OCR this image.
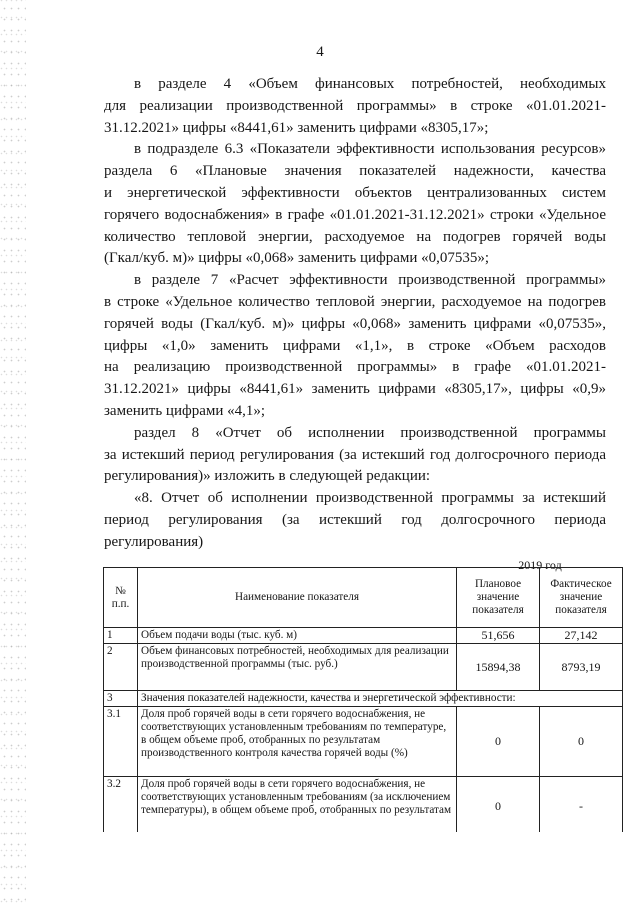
4

в разделе 4 «Объем финансовых потребностей, необходимых

для реализации производственной программы» в строке «01.01.2021-

31.12.2021» цифры «8441,61» заменить цифрами «8305,17»;

в подразделе 6.3 «Показатели эффективности использования ресурсов»

раздела 6 «Плановые значения показателей надежности, качества

и энергетической эффективности объектов централизованных систем

горячего водоснабжения» в графе «01.01.2021-31.12.2021» строки «Удельное

количество тепловой энергии, расходуемое на подогрев горячей воды

(Гкал/куб. м)» цифры «0,068» заменить цифрами «0,07535»;

в разделе 7 «Расчет эффективности производственной программы»

в строке «Удельное количество тепловой энергии, расходуемое на подогрев

горячей воды (Гкал/куб. м)» цифры «0,068» заменить цифрами «0,07535»,

цифры «1,0» заменить цифрами «1,1», в строке «Объем расходов

на реализацию производственной программы» в графе «01.01.2021-

31.12.2021» цифры «8441,61» заменить цифрами «8305,17», цифры «0,9»

заменить цифрами «4,1»;

раздел 8 «Отчет об исполнении производственной программы

за истекший период регулирования (за истекший год долгосрочного периода

регулирования)» изложить в следующей редакции:

«8. Отчет об исполнении производственной программы за истекший

период регулирования (за истекший год долгосрочного периода

регулирования)

2019 год
№ п.п.	Наименование показателя	Плановое значение показателя	Фактическое значение показателя
1	Объем подачи воды (тыс. куб. м)	51,656	27,142
2	Объем финансовых потребностей, необходимых для реализации производственной программы (тыс. руб.)	15894,38	8793,19
3	Значения показателей надежности, качества и энергетической эффективности:		
3.1	Доля проб горячей воды в сети горячего водоснабжения, не соответствующих установленным требованиям по температуре, в общем объеме проб, отобранных по результатам производственного контроля качества горячей воды (%)	0	0
3.2	Доля проб горячей воды в сети горячего водоснабжения, не соответствующих установленным требованиям (за исключением температуры), в общем объеме проб, отобранных по результатам	0	-
